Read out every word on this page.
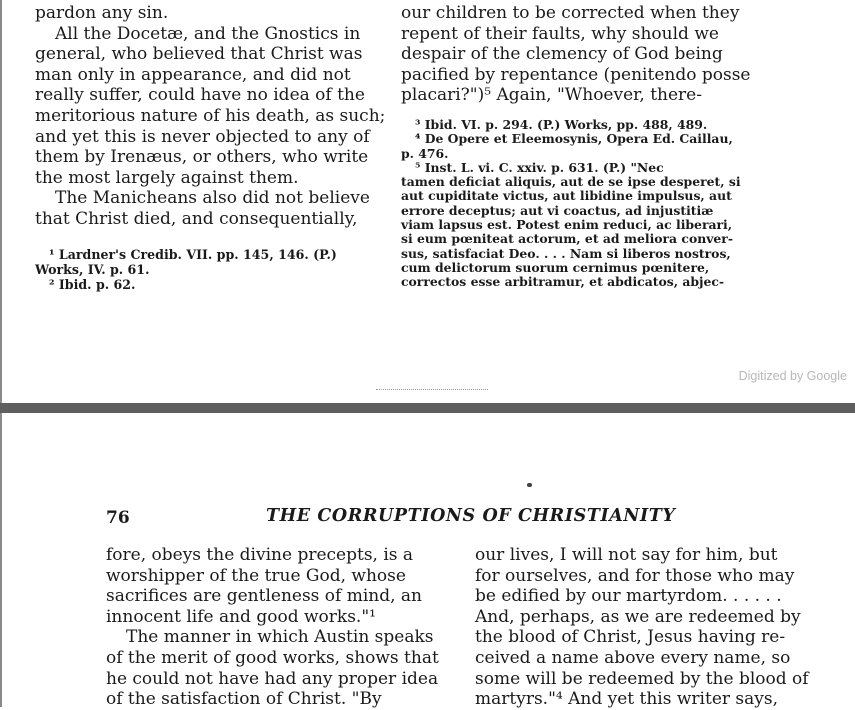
pardon any sin.
All the Docetæ, and the Gnostics in
general, who believed that Christ was
man only in appearance, and did not
really suffer, could have no idea of the
meritorious nature of his death, as such;
and yet this is never objected to any of
them by Irenæus, or others, who write
the most largely against them.
The Manicheans also did not believe
that Christ died, and consequentially,
¹ Lardner's Credib. VII. pp. 145, 146. (P.)
Works, IV. p. 61.
² Ibid. p. 62.
our children to be corrected when they
repent of their faults, why should we
despair of the clemency of God being
pacified by repentance (penitendo posse
placari?")⁵ Again, "Whoever, there-
³ Ibid. VI. p. 294. (P.) Works, pp. 488, 489.
⁴ De Opere et Eleemosynis, Opera Ed. Caillau,
p. 476.
⁵ Inst. L. vi. C. xxiv. p. 631. (P.) "Nec
tamen deficiat aliquis, aut de se ipse desperet, si
aut cupiditate victus, aut libidine impulsus, aut
errore deceptus; aut vi coactus, ad injustitiæ
viam lapsus est. Potest enim reduci, ac liberari,
si eum pœniteat actorum, et ad meliora conver-
sus, satisfaciat Deo. . . . Nam si liberos nostros,
cum delictorum suorum cernimus pœnitere,
correctos esse arbitramur, et abdicatos, abjec-
Digitized by Google
76	THE CORRUPTIONS OF CHRISTIANITY
fore, obeys the divine precepts, is a
worshipper of the true God, whose
sacrifices are gentleness of mind, an
innocent life and good works."¹
The manner in which Austin speaks
of the merit of good works, shows that
he could not have had any proper idea
of the satisfaction of Christ. "By
our lives, I will not say for him, but
for ourselves, and for those who may
be edified by our martyrdom. . . . . .
And, perhaps, as we are redeemed by
the blood of Christ, Jesus having re-
ceived a name above every name, so
some will be redeemed by the blood of
martyrs."⁴ And yet this writer says,
